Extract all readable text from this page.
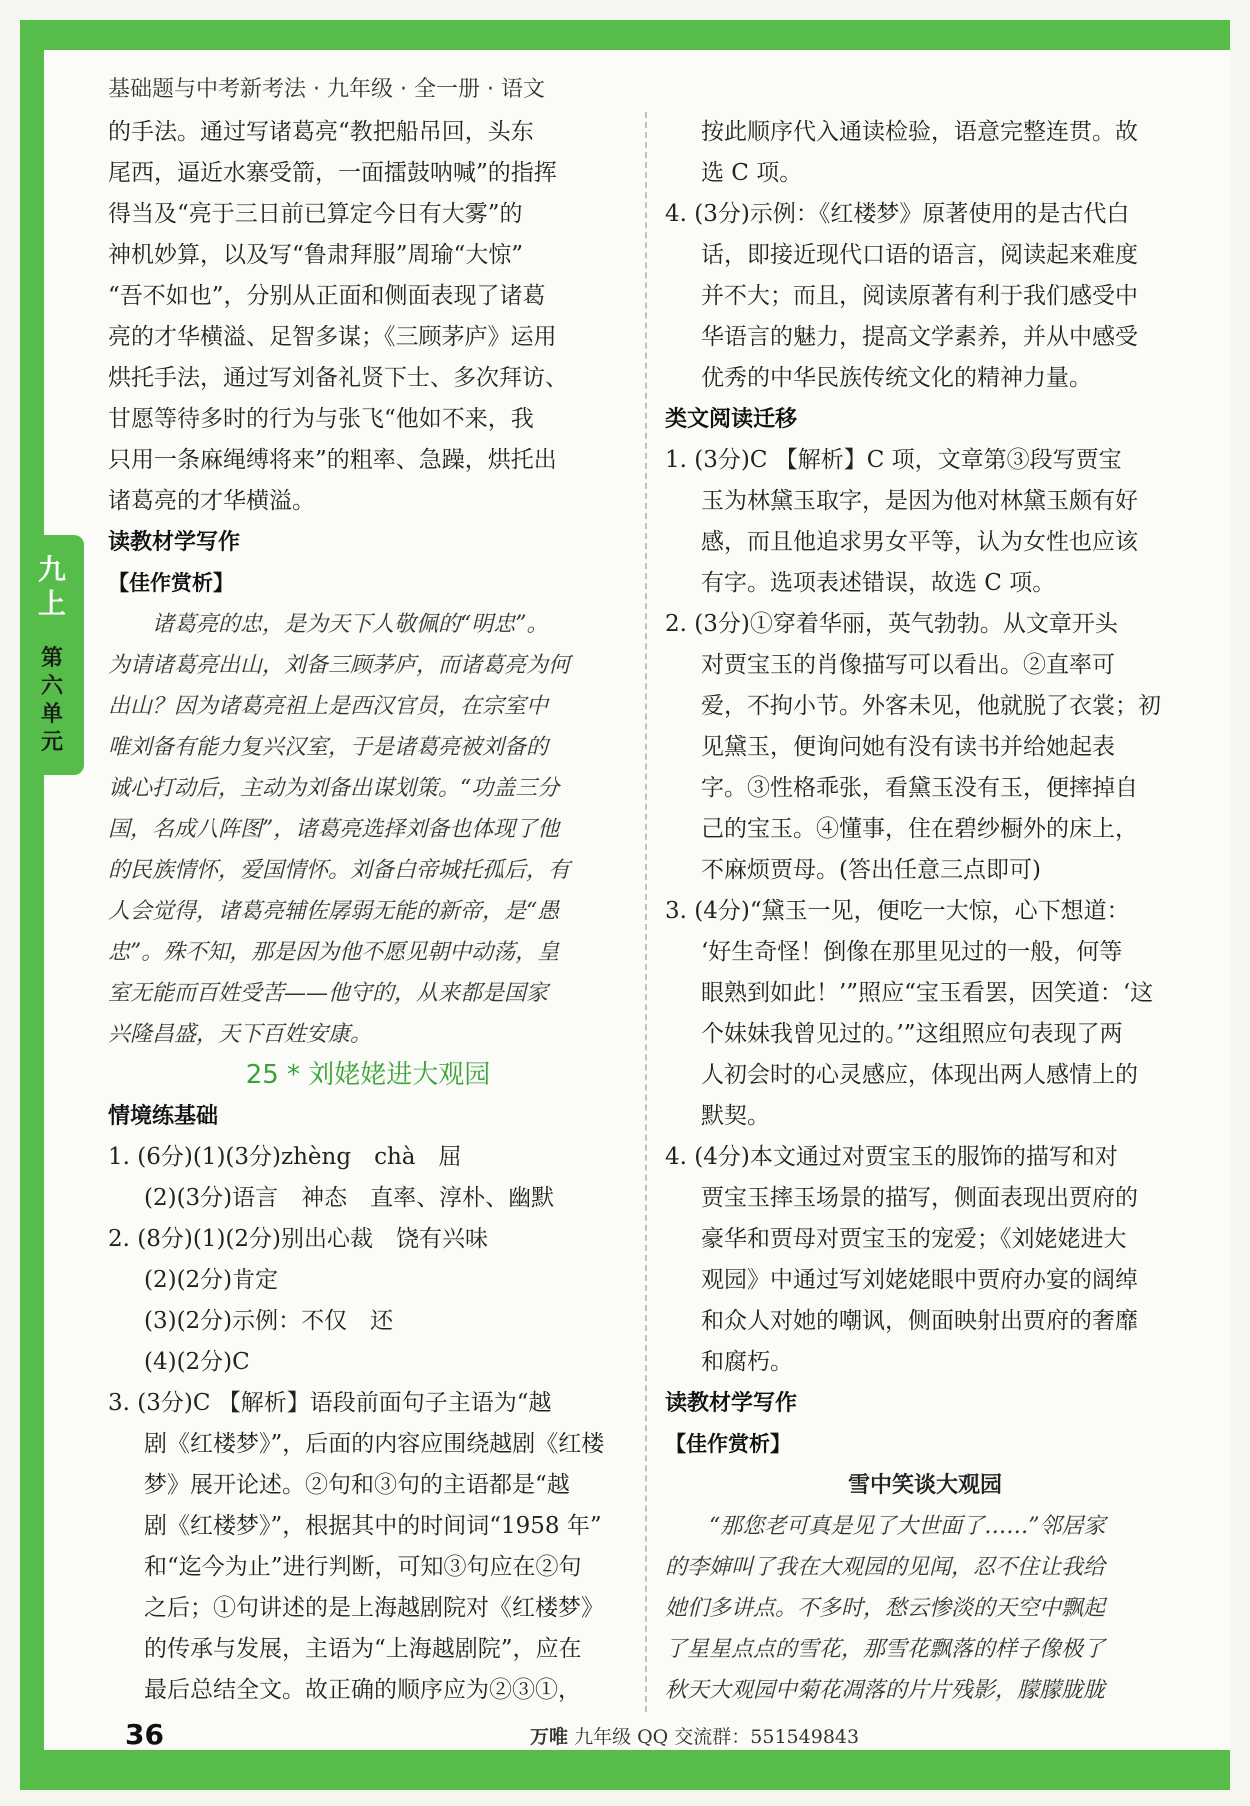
九
上
第
六
单
元
基础题与中考新考法 · 九年级 · 全一册 · 语文

的手法。通过写诸葛亮“教把船吊回，头东

尾西，逼近水寨受箭，一面擂鼓呐喊”的指挥

得当及“亮于三日前已算定今日有大雾”的

神机妙算，以及写“鲁肃拜服”周瑜“大惊”

“吾不如也”，分别从正面和侧面表现了诸葛

亮的才华横溢、足智多谋；《三顾茅庐》运用

烘托手法，通过写刘备礼贤下士、多次拜访、

甘愿等待多时的行为与张飞“他如不来，我

只用一条麻绳缚将来”的粗率、急躁，烘托出

诸葛亮的才华横溢。

读教材学写作

【佳作赏析】

诸葛亮的忠，是为天下人敬佩的“明忠”。

为请诸葛亮出山，刘备三顾茅庐，而诸葛亮为何

出山？因为诸葛亮祖上是西汉官员，在宗室中

唯刘备有能力复兴汉室，于是诸葛亮被刘备的

诚心打动后，主动为刘备出谋划策。“功盖三分

国，名成八阵图”，诸葛亮选择刘备也体现了他

的民族情怀，爱国情怀。刘备白帝城托孤后，有

人会觉得，诸葛亮辅佐孱弱无能的新帝，是“愚

忠”。殊不知，那是因为他不愿见朝中动荡，皇

室无能而百姓受苦——他守的，从来都是国家

兴隆昌盛，天下百姓安康。

25 * 刘姥姥进大观园

情境练基础

1. (6分)(1)(3分)zhèng　chà　屈

(2)(3分)语言　神态　直率、淳朴、幽默

2. (8分)(1)(2分)别出心裁　饶有兴味

(2)(2分)肯定

(3)(2分)示例：不仅　还

(4)(2分)C

3. (3分)C 【解析】语段前面句子主语为“越

剧《红楼梦》”，后面的内容应围绕越剧《红楼

梦》展开论述。②句和③句的主语都是“越

剧《红楼梦》”，根据其中的时间词“1958 年”

和“迄今为止”进行判断，可知③句应在②句

之后；①句讲述的是上海越剧院对《红楼梦》

的传承与发展，主语为“上海越剧院”，应在

最后总结全文。故正确的顺序应为②③①，

按此顺序代入通读检验，语意完整连贯。故

选 C 项。

4. (3分)示例：《红楼梦》原著使用的是古代白

话，即接近现代口语的语言，阅读起来难度

并不大；而且，阅读原著有利于我们感受中

华语言的魅力，提高文学素养，并从中感受

优秀的中华民族传统文化的精神力量。

类文阅读迁移

1. (3分)C 【解析】C 项，文章第③段写贾宝

玉为林黛玉取字，是因为他对林黛玉颇有好

感，而且他追求男女平等，认为女性也应该

有字。选项表述错误，故选 C 项。

2. (3分)①穿着华丽，英气勃勃。从文章开头

对贾宝玉的肖像描写可以看出。②直率可

爱，不拘小节。外客未见，他就脱了衣裳；初

见黛玉，便询问她有没有读书并给她起表

字。③性格乖张，看黛玉没有玉，便摔掉自

己的宝玉。④懂事，住在碧纱橱外的床上，

不麻烦贾母。(答出任意三点即可)

3. (4分)“黛玉一见，便吃一大惊，心下想道：

‘好生奇怪！倒像在那里见过的一般，何等

眼熟到如此！’”照应“宝玉看罢，因笑道：‘这

个妹妹我曾见过的。’”这组照应句表现了两

人初会时的心灵感应，体现出两人感情上的

默契。

4. (4分)本文通过对贾宝玉的服饰的描写和对

贾宝玉摔玉场景的描写，侧面表现出贾府的

豪华和贾母对贾宝玉的宠爱；《刘姥姥进大

观园》中通过写刘姥姥眼中贾府办宴的阔绰

和众人对她的嘲讽，侧面映射出贾府的奢靡

和腐朽。

读教材学写作

【佳作赏析】

雪中笑谈大观园

“那您老可真是见了大世面了……”邻居家

的李婶叫了我在大观园的见闻，忍不住让我给

她们多讲点。不多时，愁云惨淡的天空中飘起

了星星点点的雪花，那雪花飘落的样子像极了

秋天大观园中菊花凋落的片片残影，朦朦胧胧

36	万唯 九年级 QQ 交流群：551549843
